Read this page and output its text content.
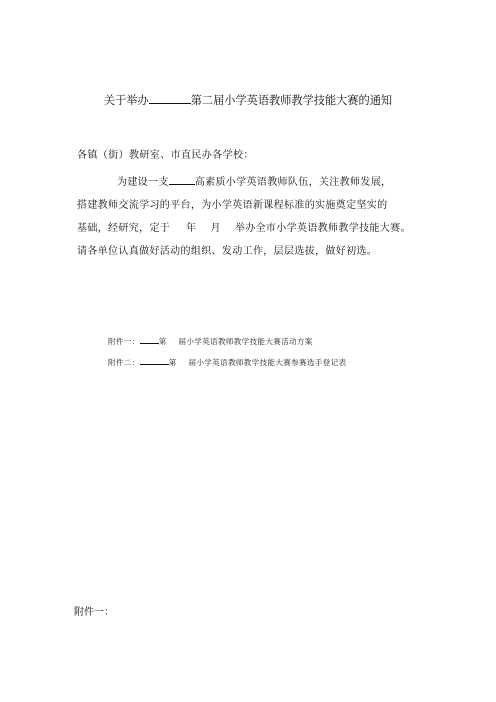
关于举办	第二届小学英语教师教学技能大赛的通知
各镇（街）教研室、市直民办各学校：
为建设一支	高素质小学英语教师队伍，关注教师发展，
搭建教师交流学习的平台，为小学英语新课程标准的实施奠定坚实的
基础，经研究，定于 年 月 举办全市小学英语教师教学技能大赛。
请各单位认真做好活动的组织、发动工作，层层选拔，做好初选。
附件一：	第 届小学英语教师教学技能大赛活动方案
附件二：	第 届小学英语教师教学技能大赛参赛选手登记表
附件一：
